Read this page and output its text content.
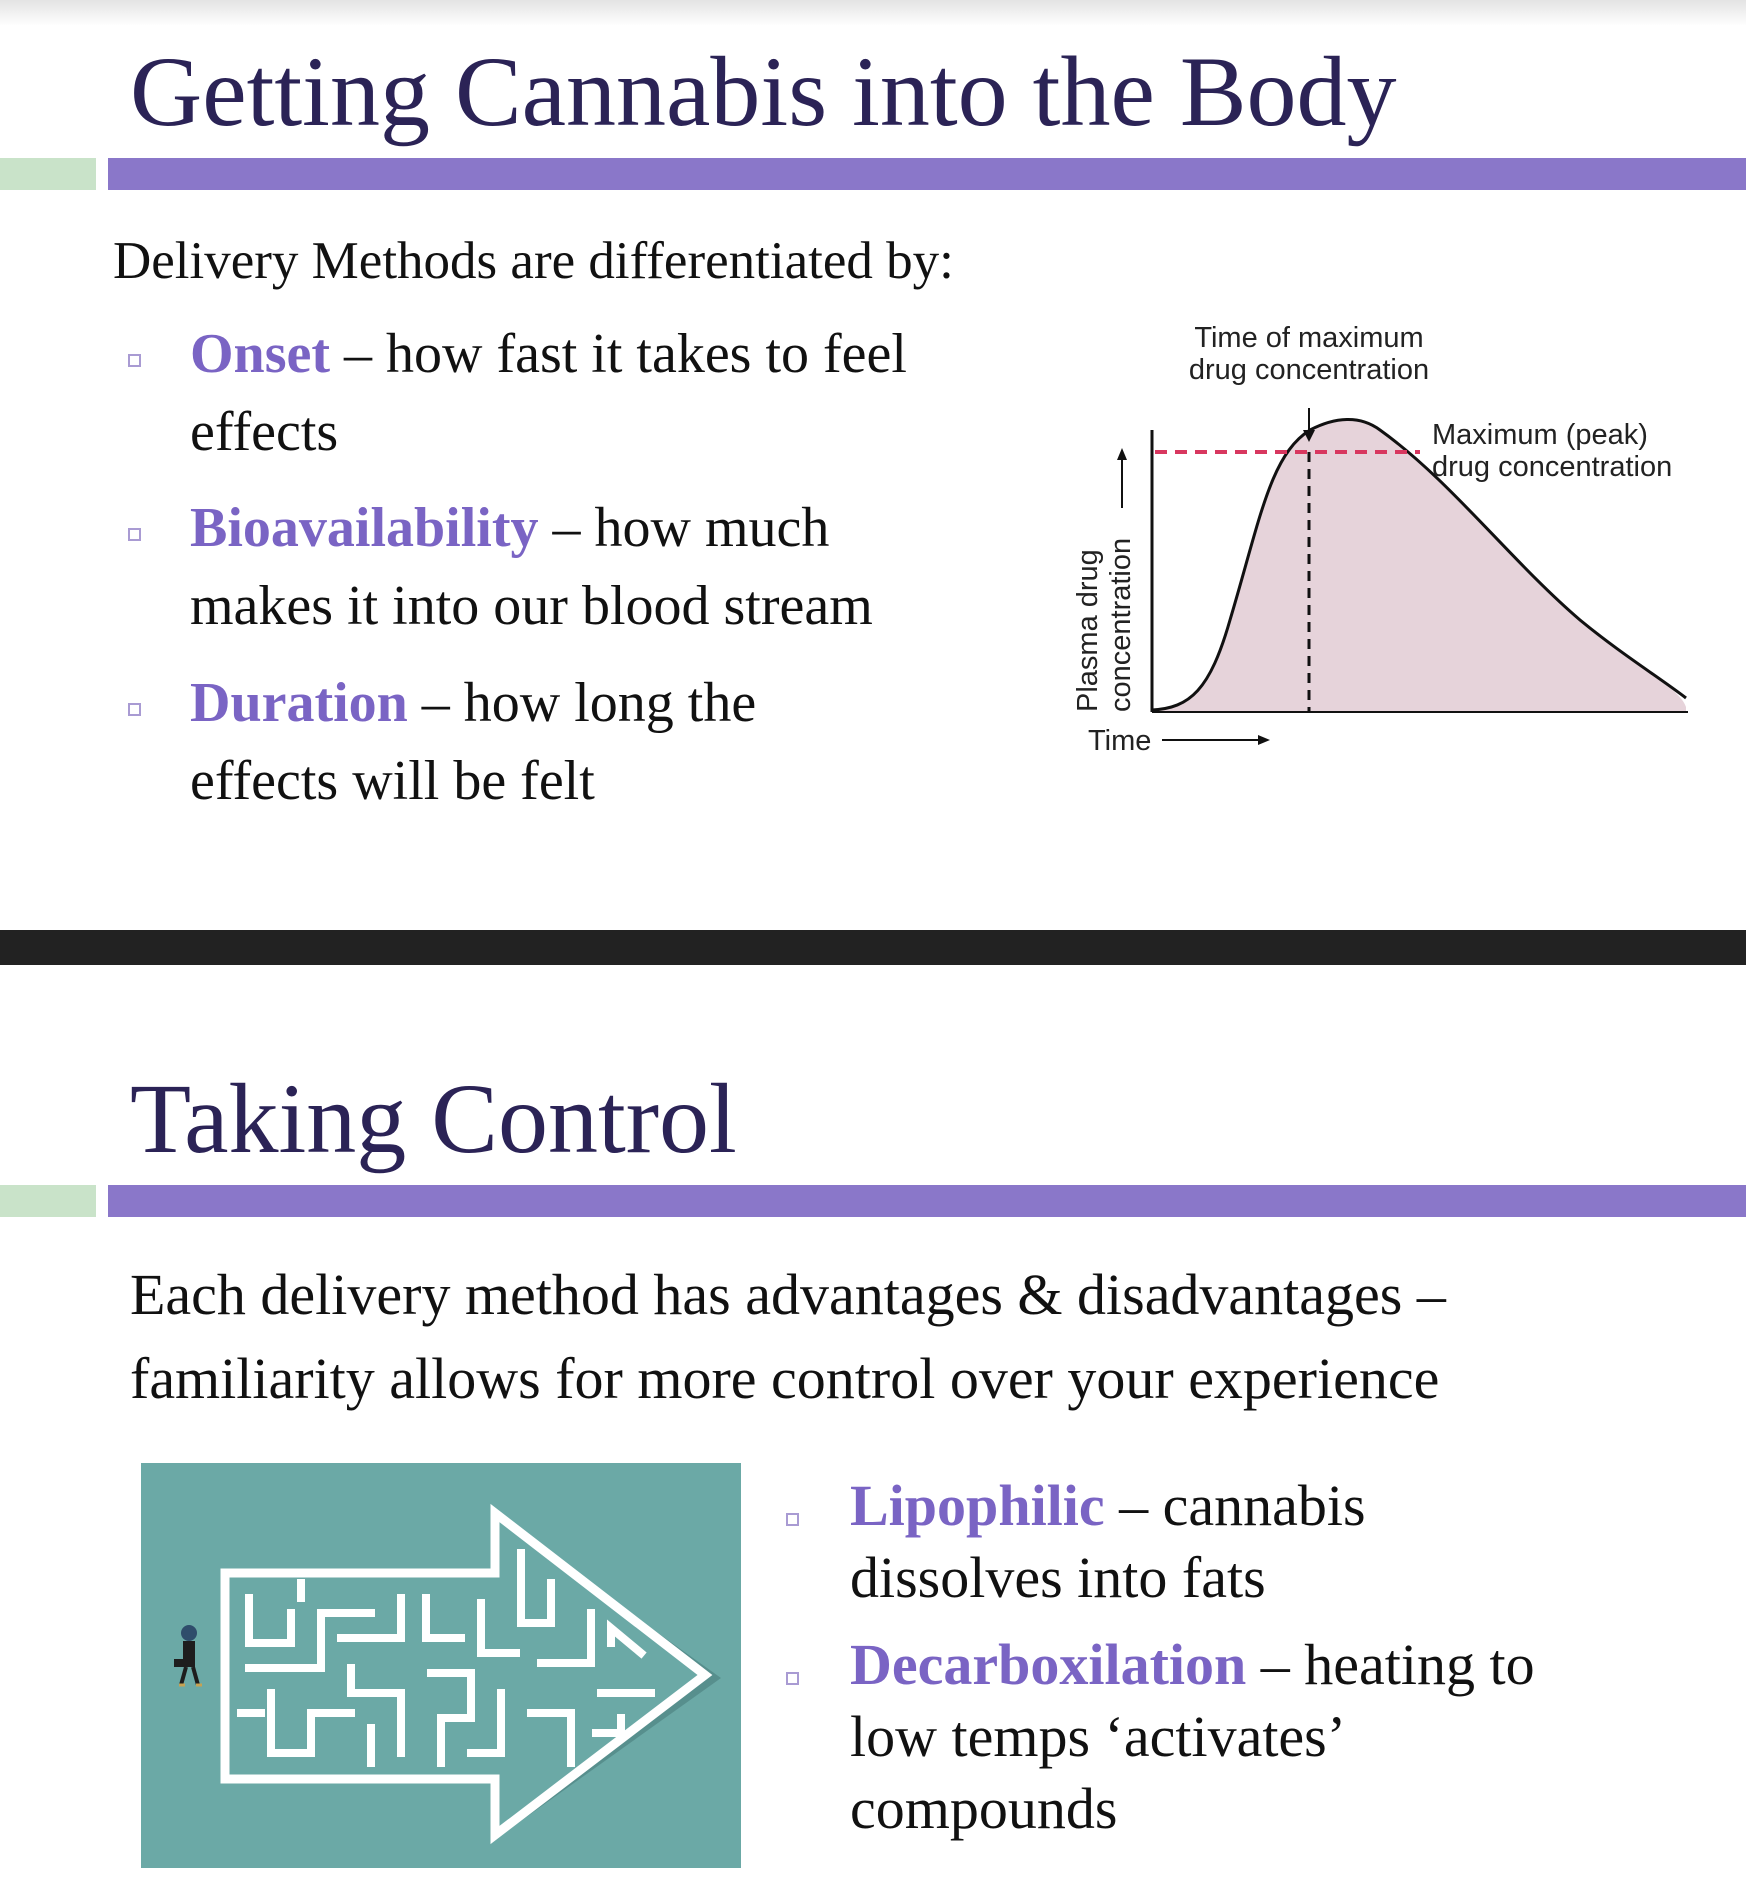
Getting Cannabis into the Body
Delivery Methods are differentiated by:
Onset – how fast it takes to feel
effects
Bioavailability – how much
makes it into our blood stream
Duration – how long the
effects will be felt
Time of maximum
drug concentration
Maximum (peak)
drug concentration
Plasma drug concentration
Time
Taking Control
Each delivery method has advantages & disadvantages –
familiarity allows for more control over your experience
Lipophilic – cannabis
dissolves into fats
Decarboxilation – heating to
low temps ‘activates’
compounds
